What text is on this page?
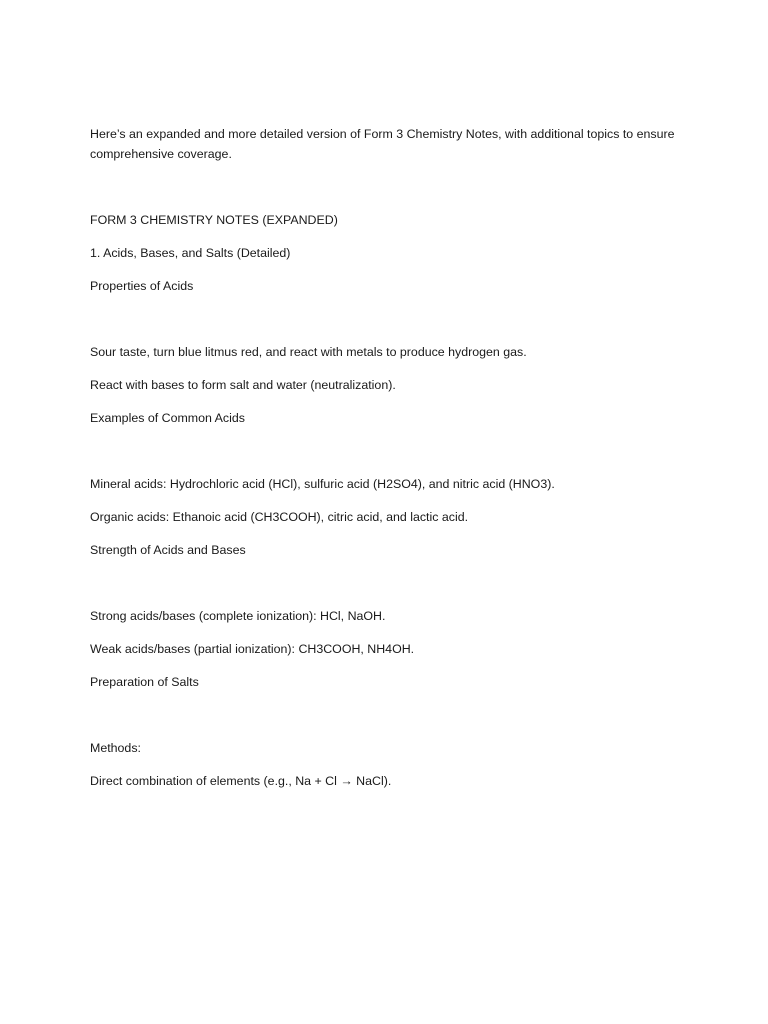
Here’s an expanded and more detailed version of Form 3 Chemistry Notes, with additional topics to ensure comprehensive coverage.

FORM 3 CHEMISTRY NOTES (EXPANDED)

1. Acids, Bases, and Salts (Detailed)

Properties of Acids

Sour taste, turn blue litmus red, and react with metals to produce hydrogen gas.

React with bases to form salt and water (neutralization).

Examples of Common Acids

Mineral acids: Hydrochloric acid (HCl), sulfuric acid (H2SO4), and nitric acid (HNO3).

Organic acids: Ethanoic acid (CH3COOH), citric acid, and lactic acid.

Strength of Acids and Bases

Strong acids/bases (complete ionization): HCl, NaOH.

Weak acids/bases (partial ionization): CH3COOH, NH4OH.

Preparation of Salts

Methods:

Direct combination of elements (e.g., Na + Cl → NaCl).
